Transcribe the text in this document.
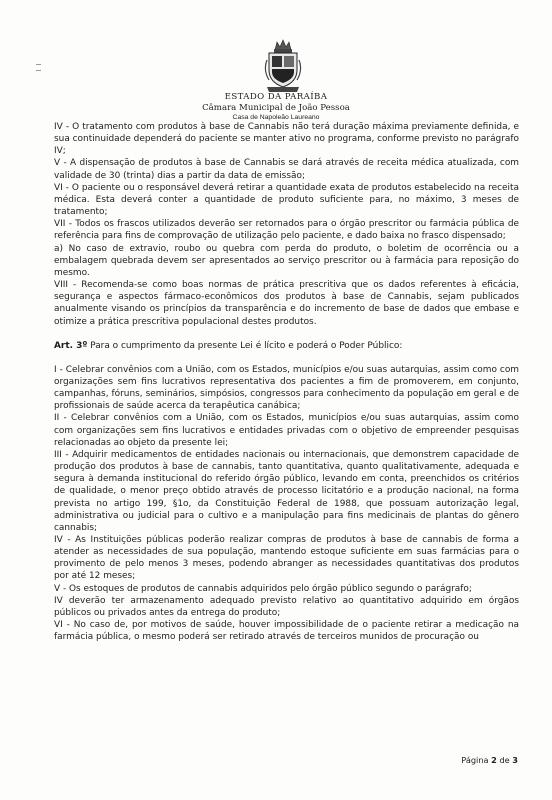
ESTADO DA PARAÍBA
Câmara Municipal de João Pessoa
Casa de Napoleão Laureano

IV - O tratamento com produtos à base de Cannabis não terá duração máxima previamente definida, e sua continuidade dependerá do paciente se manter ativo no programa, conforme previsto no parágrafo IV;

V - A dispensação de produtos à base de Cannabis se dará através de receita médica atualizada, com validade de 30 (trinta) dias a partir da data de emissão;

VI - O paciente ou o responsável deverá retirar a quantidade exata de produtos estabelecido na receita médica. Esta deverá conter a quantidade de produto suficiente para, no máximo, 3 meses de tratamento;

VII - Todos os frascos utilizados deverão ser retornados para o órgão prescritor ou farmácia pública de referência para fins de comprovação de utilização pelo paciente, e dado baixa no frasco dispensado;

a) No caso de extravio, roubo ou quebra com perda do produto, o boletim de ocorrência ou a embalagem quebrada devem ser apresentados ao serviço prescritor ou à farmácia para reposição do mesmo.

VIII - Recomenda-se como boas normas de prática prescritiva que os dados referentes à eficácia, segurança e aspectos fármaco-econômicos dos produtos à base de Cannabis, sejam publicados anualmente visando os princípios da transparência e do incremento de base de dados que embase e otimize a prática prescritiva populacional destes produtos.

Art. 3º Para o cumprimento da presente Lei é lícito e poderá o Poder Público:

I - Celebrar convênios com a União, com os Estados, municípios e/ou suas autarquias, assim como com organizações sem fins lucrativos representativa dos pacientes a fim de promoverem, em conjunto, campanhas, fóruns, seminários, simpósios, congressos para conhecimento da população em geral e de profissionais de saúde acerca da terapêutica canábica;

II - Celebrar convênios com a União, com os Estados, municípios e/ou suas autarquias, assim como com organizações sem fins lucrativos e entidades privadas com o objetivo de empreender pesquisas relacionadas ao objeto da presente lei;

III - Adquirir medicamentos de entidades nacionais ou internacionais, que demonstrem capacidade de produção dos produtos à base de cannabis, tanto quantitativa, quanto qualitativamente, adequada e segura à demanda institucional do referido órgão público, levando em conta, preenchidos os critérios de qualidade, o menor preço obtido através de processo licitatório e a produção nacional, na forma prevista no artigo 199, §1o, da Constituição Federal de 1988, que possuam autorização legal, administrativa ou judicial para o cultivo e a manipulação para fins medicinais de plantas do gênero cannabis;

IV - As Instituições públicas poderão realizar compras de produtos à base de cannabis de forma a atender as necessidades de sua população, mantendo estoque suficiente em suas farmácias para o provimento de pelo menos 3 meses, podendo abranger as necessidades quantitativas dos produtos por até 12 meses;

V - Os estoques de produtos de cannabis adquiridos pelo órgão público segundo o parágrafo;

IV deverão ter armazenamento adequado previsto relativo ao quantitativo adquirido em órgãos públicos ou privados antes da entrega do produto;

VI - No caso de, por motivos de saúde, houver impossibilidade de o paciente retirar a medicação na farmácia pública, o mesmo poderá ser retirado através de terceiros munidos de procuração ou

Página 2 de 3
